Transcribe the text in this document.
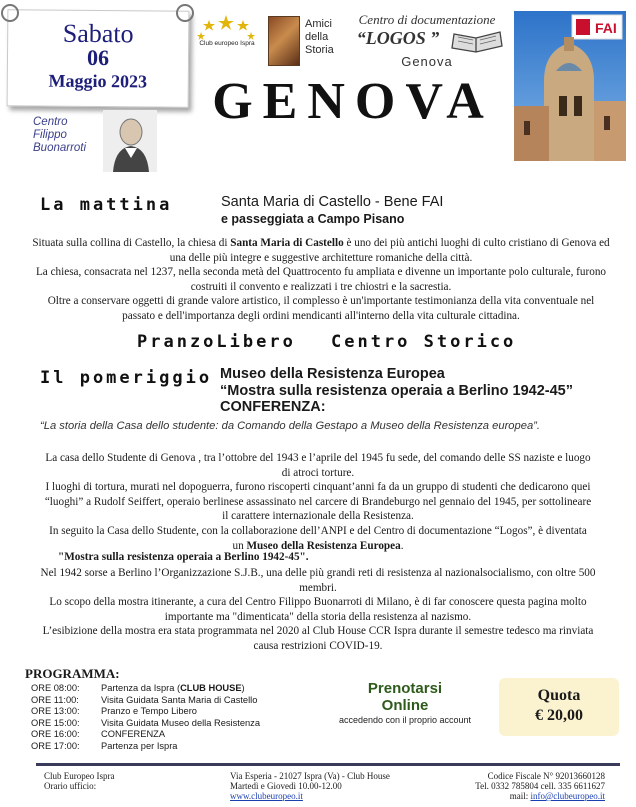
Sabato
06
Maggio 2023
Club europeo Ispra
Amici della Storia
Centro di documentazione
“LOGOS ”
Genova
FAI
Centro Filippo Buonarroti
GENOVA
La mattina	Santa Maria di Castello - Bene FAI
e passeggiata a Campo Pisano
Situata sulla collina di Castello, la chiesa di Santa Maria di Castello è uno dei più antichi luoghi di culto cristiano di Genova ed una delle più integre e suggestive architetture romaniche della città.
La chiesa, consacrata nel 1237, nella seconda metà del Quattrocento fu ampliata e divenne un importante polo culturale, furono costruiti il convento e realizzati i tre chiostri e la sacrestia.
Oltre a conservare oggetti di grande valore artistico, il complesso è un'importante testimonianza della vita conventuale nel passato e dell'importanza degli ordini mendicanti all'interno della vita culturale cittadina.
PranzoLibero Centro Storico
Il pomeriggio Museo della Resistenza Europea
“Mostra sulla resistenza operaia a Berlino 1942-45”
CONFERENZA:
“La storia della Casa dello studente: da Comando della Gestapo a Museo della Resistenza europea”.
La casa dello Studente di Genova , tra l’ottobre del 1943 e l’aprile del 1945 fu sede, del comando delle SS naziste e luogo di atroci torture.
I luoghi di tortura, murati nel dopoguerra, furono riscoperti cinquant’anni fa da un gruppo di studenti che dedicarono quei “luoghi” a Rudolf Seiffert, operaio berlinese assassinato nel carcere di Brandeburgo nel gennaio del 1945, per sottolineare il carattere internazionale della Resistenza.
In seguito la Casa dello Studente, con la collaborazione dell’ANPI e del Centro di documentazione “Logos”, è diventata un Museo della Resistenza Europea.
"Mostra sulla resistenza operaia a Berlino 1942-45".
Nel 1942 sorse a Berlino l’Organizzazione S.J.B., una delle più grandi reti di resistenza al nazionalsocialismo, con oltre 500 membri.
Lo scopo della mostra itinerante, a cura del Centro Filippo Buonarroti di Milano, è di far conoscere questa pagina molto importante ma "dimenticata" della storia della resistenza al nazismo.
L’esibizione della mostra era stata programmata nel 2020 al Club House CCR Ispra durante il semestre tedesco ma rinviata causa restrizioni COVID-19.
PROGRAMMA:
ORE 08:00:	Partenza da Ispra (CLUB HOUSE)
ORE 11:00:	Visita Guidata Santa Maria di Castello
ORE 13:00:	Pranzo e Tempo Libero
ORE 15:00:	Visita Guidata Museo della Resistenza
ORE 16:00:	CONFERENZA
ORE 17:00:	Partenza per Ispra
Prenotarsi
Online
accedendo con il proprio account
Quota
€ 20,00
Club Europeo Ispra
Orario ufficio:
Via Esperia - 21027 Ispra (Va) - Club House
Martedì e Giovedì 10.00-12.00
www.clubeuropeo.it
Codice Fiscale N° 92013660128
Tel. 0332 785804 cell. 335 6611627
mail: info@clubeuropeo.it
